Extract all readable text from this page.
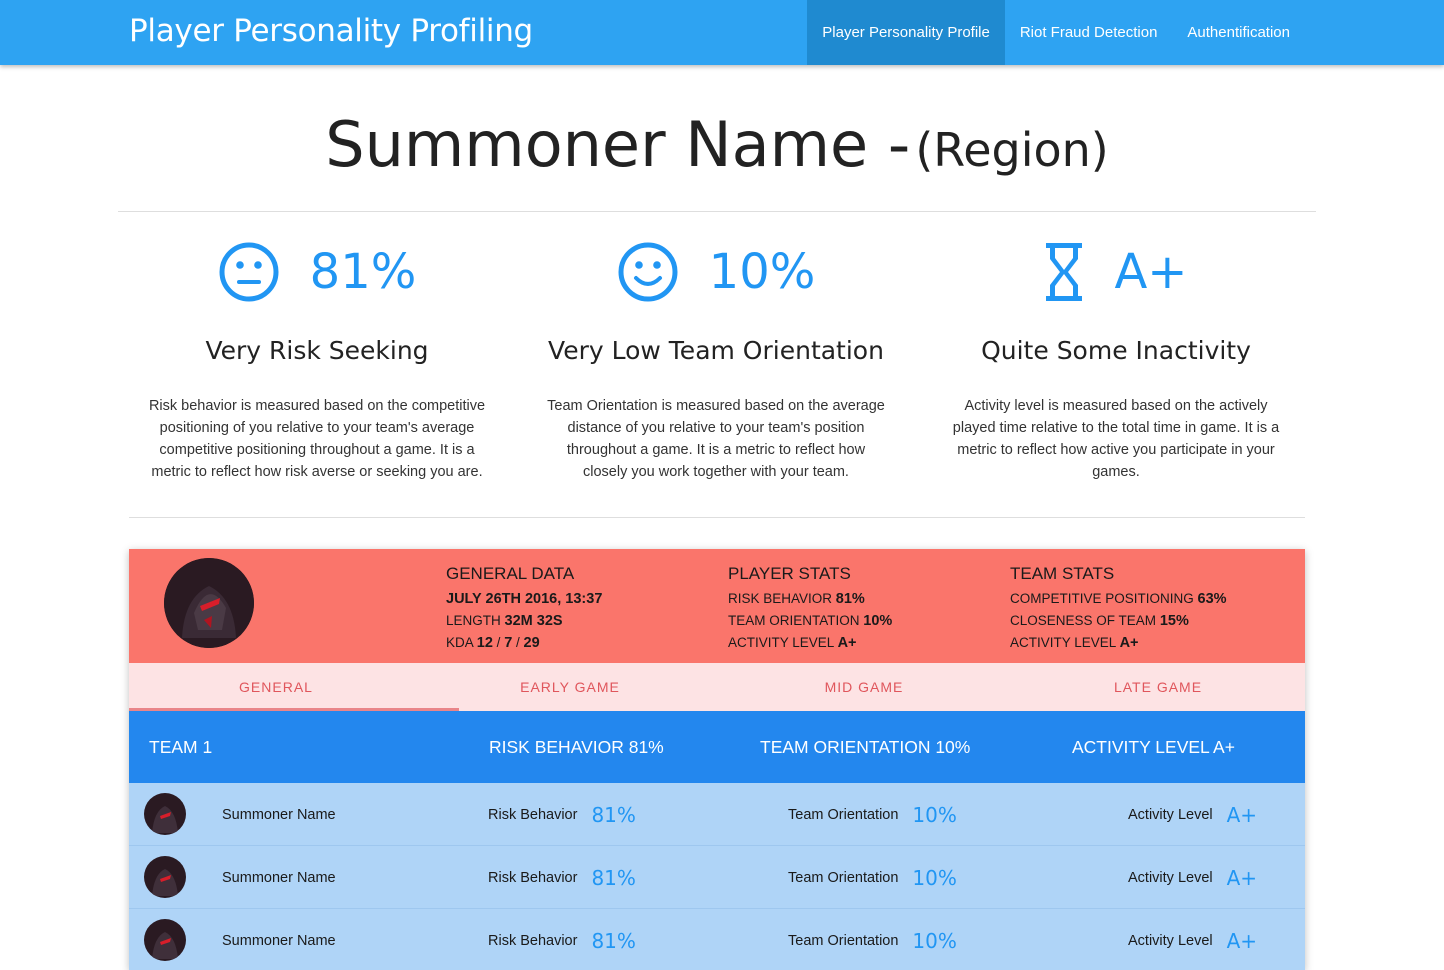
Player Personality Profiling	Player Personality Profile	Riot Fraud Detection	Authentification
Summoner Name - (Region)
81%
Very Risk Seeking
Risk behavior is measured based on the competitive positioning of you relative to your team's average competitive positioning throughout a game. It is a metric to reflect how risk averse or seeking you are.
10%
Very Low Team Orientation
Team Orientation is measured based on the average distance of you relative to your team's position throughout a game. It is a metric to reflect how closely you work together with your team.
A+
Quite Some Inactivity
Activity level is measured based on the actively played time relative to the total time in game. It is a metric to reflect how active you participate in your games.
GENERAL DATA
JULY 26TH 2016, 13:37
LENGTH 32M 32S
KDA 12 / 7 / 29
PLAYER STATS
RISK BEHAVIOR 81%
TEAM ORIENTATION 10%
ACTIVITY LEVEL A+
TEAM STATS
COMPETITIVE POSITIONING 63%
CLOSENESS OF TEAM 15%
ACTIVITY LEVEL A+
GENERAL	EARLY GAME	MID GAME	LATE GAME
TEAM 1	RISK BEHAVIOR 81%	TEAM ORIENTATION 10%	ACTIVITY LEVEL A+
Summoner Name	Risk Behavior 81%	Team Orientation 10%	Activity Level A+
Summoner Name	Risk Behavior 81%	Team Orientation 10%	Activity Level A+
Summoner Name	Risk Behavior 81%	Team Orientation 10%	Activity Level A+
